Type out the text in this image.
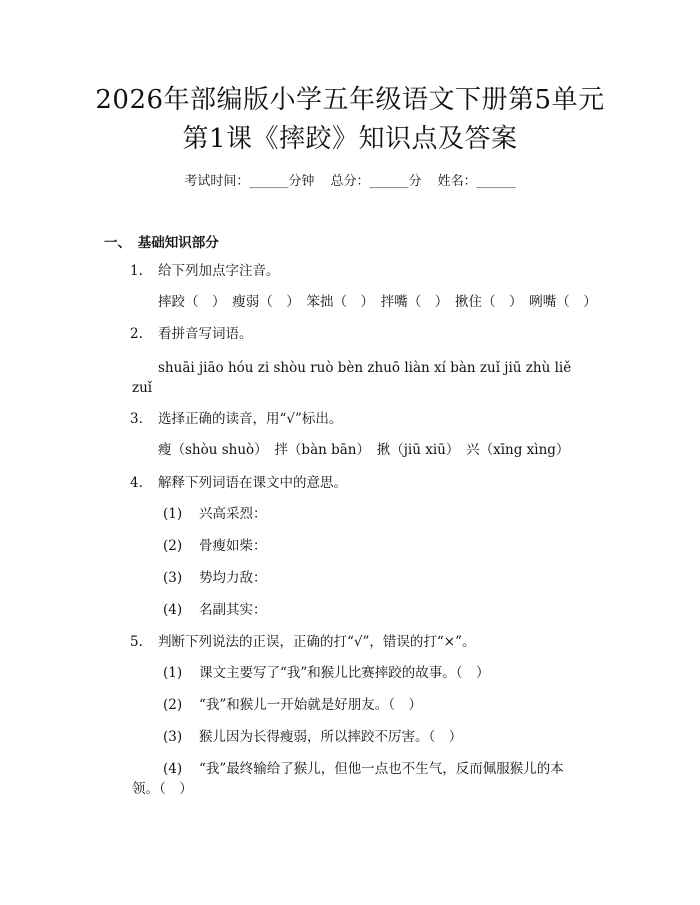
2026年部编版小学五年级语文下册第5单元
第1课《摔跤》知识点及答案
考试时间：______分钟 总分：______分 姓名：______
一、　基础知识部分
1. 给下列加点字注音。
摔跤（　）　瘦弱（　）　笨拙（　）　拌嘴（　）　揪住（　）　咧嘴（　）
2. 看拼音写词语。
shuāi jiāo hóu zi shòu ruò bèn zhuō liàn xí bàn zuǐ jiū zhù liě
zuǐ
3. 选择正确的读音，用“√”标出。
瘦（shòu shuò）　拌（bàn bān）　揪（jiū xiū）　兴（xīng xìng）
4. 解释下列词语在课文中的意思。
(1) 兴高采烈：
(2) 骨瘦如柴：
(3) 势均力敌：
(4) 名副其实：
5. 判断下列说法的正误，正确的打“√”，错误的打“×”。
(1) 课文主要写了“我”和猴儿比赛摔跤的故事。（　）
(2) “我”和猴儿一开始就是好朋友。（　）
(3) 猴儿因为长得瘦弱，所以摔跤不厉害。（　）
(4) “我”最终输给了猴儿，但他一点也不生气，反而佩服猴儿的本
领。（　）
